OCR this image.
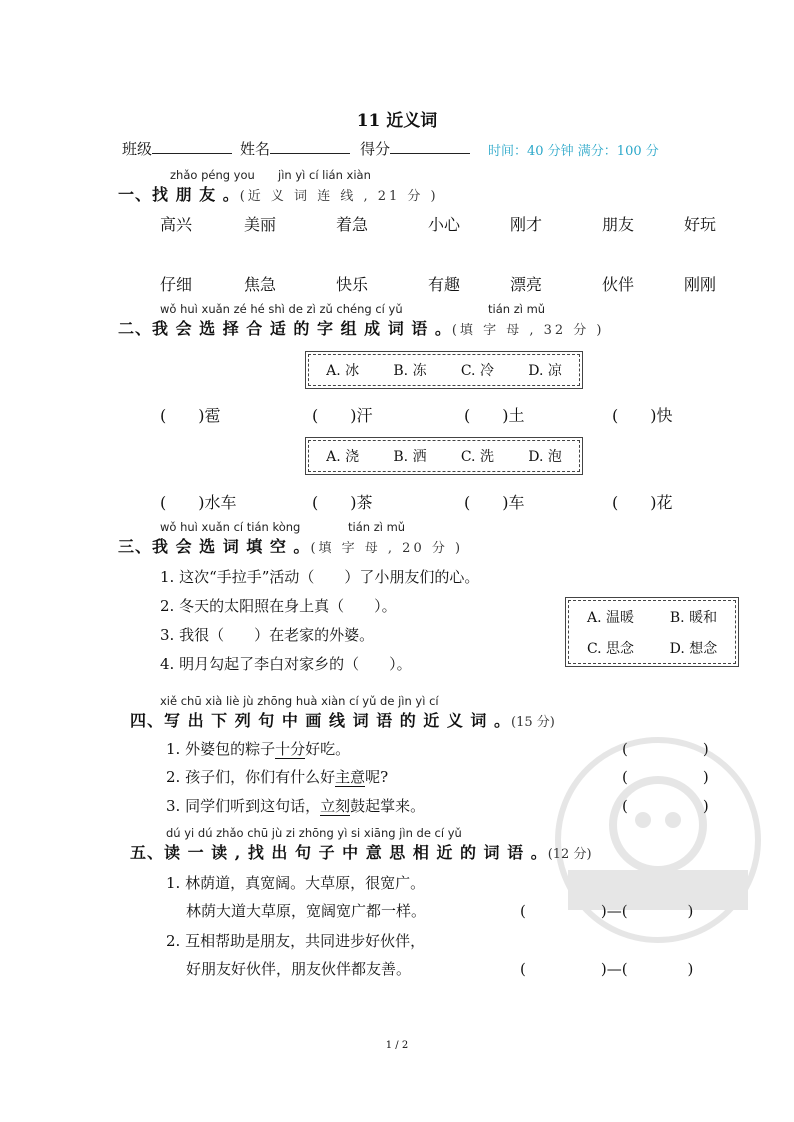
11 近义词
班级	姓名	得分	时间：40 分钟 满分：100 分
zhǎo péng you jìn yì cí lián xiàn
一、找 朋 友 。(近 义 词 连 线 , 21 分 )
高兴	美丽	着急	小心	刚才	朋友	好玩
仔细	焦急	快乐	有趣	漂亮	伙伴	刚刚
wǒ huì xuǎn zé hé shì de zì zǔ chéng cí yǔ	tián zì mǔ
二、我 会 选 择 合 适 的 字 组 成 词 语 。(填 字 母 , 32 分 )
A. 冰 B. 冻 C. 冷 D. 凉
(　　)雹	(　　)汗	(　　)土	(　　)快
A. 浇 B. 洒 C. 洗 D. 泡
(　　)水车	(　　)茶	(　　)车	(　　)花
wǒ huì xuǎn cí tián kòng	tián zì mǔ
三、我 会 选 词 填 空 。(填 字 母 , 20 分 )
1. 这次“手拉手”活动（　　）了小朋友们的心。
2. 冬天的太阳照在身上真（　　）。
3. 我很（　　）在老家的外婆。
4. 明月勾起了李白对家乡的（　　）。
A. 温暖	B. 暖和
C. 思念	D. 想念
xiě chū xià liè jù zhōng huà xiàn cí yǔ de jìn yì cí
四、写 出 下 列 句 中 画 线 词 语 的 近 义 词 。(15 分)
1. 外婆包的粽子十分好吃。	(　　　　　)
2. 孩子们，你们有什么好主意呢?	(　　　　　)
3. 同学们听到这句话，立刻鼓起掌来。	(　　　　　)
dú yi dú zhǎo chū jù zi zhōng yì si xiāng jìn de cí yǔ
五、读 一 读 , 找 出 句 子 中 意 思 相 近 的 词 语 。(12 分)
1. 林荫道，真宽阔。大草原，很宽广。
林荫大道大草原，宽阔宽广都一样。	(　　　　　)—(　　　　)
2. 互相帮助是朋友，共同进步好伙伴，
好朋友好伙伴，朋友伙伴都友善。	(　　　　　)—(　　　　)
1 / 2
